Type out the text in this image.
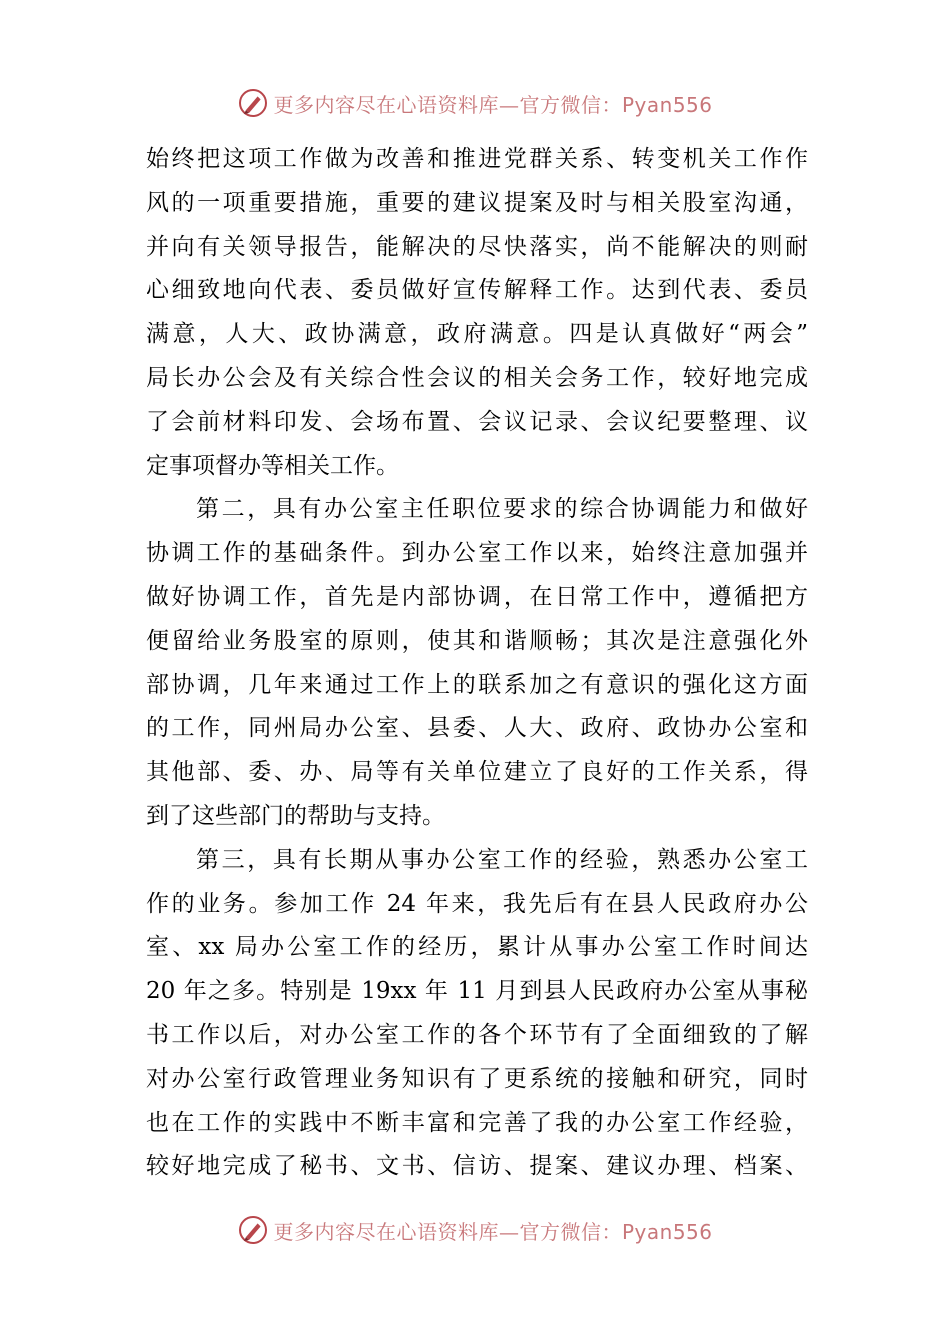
更多内容尽在心语资料库—官方微信：Pyan556
始终把这项工作做为改善和推进党群关系、转变机关工作作
风的一项重要措施，重要的建议提案及时与相关股室沟通，
并向有关领导报告，能解决的尽快落实，尚不能解决的则耐
心细致地向代表、委员做好宣传解释工作。达到代表、委员
满意，人大、政协满意，政府满意。四是认真做好“两会”
局长办公会及有关综合性会议的相关会务工作，较好地完成
了会前材料印发、会场布置、会议记录、会议纪要整理、议
定事项督办等相关工作。
第二，具有办公室主任职位要求的综合协调能力和做好
协调工作的基础条件。到办公室工作以来，始终注意加强并
做好协调工作，首先是内部协调，在日常工作中，遵循把方
便留给业务股室的原则，使其和谐顺畅；其次是注意强化外
部协调，几年来通过工作上的联系加之有意识的强化这方面
的工作，同州局办公室、县委、人大、政府、政协办公室和
其他部、委、办、局等有关单位建立了良好的工作关系，得
到了这些部门的帮助与支持。
第三，具有长期从事办公室工作的经验，熟悉办公室工
作的业务。参加工作 24 年来，我先后有在县人民政府办公
室、xx 局办公室工作的经历，累计从事办公室工作时间达
20 年之多。特别是 19xx 年 11 月到县人民政府办公室从事秘
书工作以后，对办公室工作的各个环节有了全面细致的了解
对办公室行政管理业务知识有了更系统的接触和研究，同时
也在工作的实践中不断丰富和完善了我的办公室工作经验，
较好地完成了秘书、文书、信访、提案、建议办理、档案、
更多内容尽在心语资料库—官方微信：Pyan556
